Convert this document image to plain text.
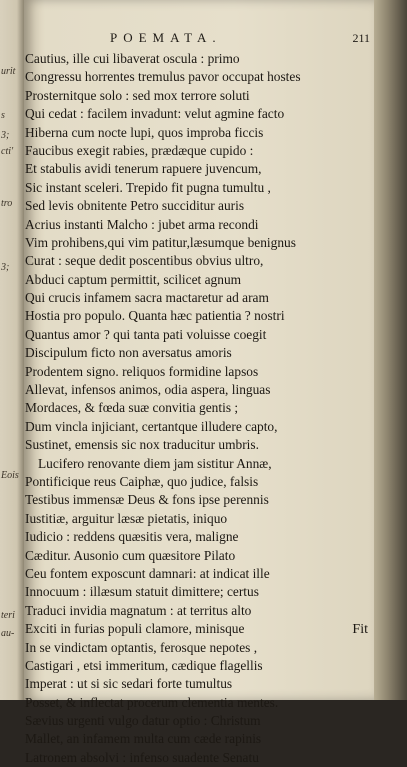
urit
s
3;
cti'
tro
3;
Eois
teri
au-
POEMATA.	211
Cautius, ille cui libaverat oscula : primo
Congressu horrentes tremulus pavor occupat hostes
Prosternitque solo : sed mox terrore soluti
Qui cedat : facilem invadunt: velut agmine facto
Hiberna cum nocte lupi, quos improba ficcis
Faucibus exegit rabies, prædæque cupido :
Et stabulis avidi tenerum rapuere juvencum,
Sic instant sceleri. Trepido fit pugna tumultu ,
Sed levis obnitente Petro succiditur auris
Acrius instanti Malcho : jubet arma recondi
Vim prohibens,qui vim patitur,læsumque benignus
Curat : seque dedit poscentibus obvius ultro,
Abduci captum permittit, scilicet agnum
Qui crucis infamem sacra mactaretur ad aram
Hostia pro populo. Quanta hæc patientia ? nostri
Quantus amor ? qui tanta pati voluisse coegit
Discipulum ficto non aversatus amoris
Prodentem signo. reliquos formidine lapsos
Allevat, infensos animos, odia aspera, linguas
Mordaces, & fœda suæ convitia gentis ;
Dum vincla injiciant, certantque illudere capto,
Sustinet, emensis sic nox traducitur umbris.
Lucifero renovante diem jam sistitur Annæ,
Pontificique reus Caiphæ, quo judice, falsis
Testibus immensæ Deus & fons ipse perennis
Iustitiæ, arguitur læsæ pietatis, iniquo
Iudicio : reddens quæsitis vera, maligne
Cæditur. Ausonio cum quæsitore Pilato
Ceu fontem exposcunt damnari: at indicat ille
Innocuum : illæsum statuit dimittere; certus
Traduci invidia magnatum : at territus alto
Exciti in furias populi clamore, minisque
In se vindictam optantis, ferosque nepotes ,
Castigari , etsi immeritum, cædique flagellis
Imperat : ut si sic sedari forte tumultus
Posset, & inflectat procerum clementia mentes.
Sævius urgenti vulgo datur optio : Christum
Mallet, an infamem multa cum cæde rapinis
Latronem absolvi : infenso suadente Senatu
Fit
